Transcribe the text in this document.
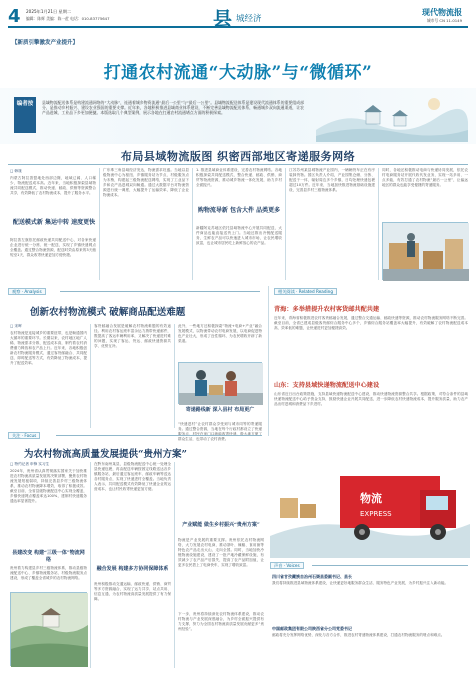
4 2025年1月21日 星期二
编辑：陈辉 美编：陈一荭 电话：010-83775647	县 城经济
现代物流报
城市号 CN 11-0149
【新质引擎激发产业提升】
打通农村流通“大动脉”与“微循环”
编者按	县域物流配送体系是构建流通网络的“大动脉”，连通着城乡物资流通“最后一公里”与“最后一公里”。县域物流配送体系是建设现代流通体系的重要组成部分，是推动乡村振兴、建设农业强国的重要支撑。近年来，各地积极推进县域商业体系建设，不断完善县域物流配送体系，畅通城乡双向流通渠道，让农产品进城、工业品下乡更加便捷。本版选取几个典型案例，展示各地在打通农村流通堵点方面的积极探索。
布局县域物流版图 织密西部地区寄递服务网络
□ 韩晟
内蒙古阿拉善盟地处西部边陲，地域辽阔、人口稀少，物流配送成本高。近年来，当地积极探索县域物流共同配送模式，推动快递、邮政、供销等资源整合共享，有效降低了农村物流成本，提升了服务水平。
配送模式新 集运中转 速度更快
阿拉善左旗依托邮政快递共同配送中心，对各家快递企业进行统一分拣、统一配送，实现了乡镇快递网点全覆盖。通过整合物流资源，配送时效由原来的3天缩短至1天，群众收寄快递更加方便快捷。
广东珠三角县域经济发达，物流需求旺盛。当地以县级物流中心为枢纽、乡镇服务站为节点、村级服务点为末梢，构建起三级物流配送网络，实现了工业品下乡和农产品进城双向畅通。通过大数据平台对物流资源进行统一调度，大幅提升了运输效率，降低了企业物流成本。
1. 推进县域商业体系建设，完善农村物流网络。各地积极探索共同配送模式，整合快递、邮政、供销、商贸等物流资源，推动城乡物流一体化发展，助力乡村全面振兴。
购物流导新 包含大件 品类更多
新疆阿克苏地区依托县域物流中心开展共同配送，大件商品也能直接送货上门。当地还推出冷链配送服务，生鲜农产品可以快速进入城市市场，让农民增收致富，也让城市居民吃上新鲜放心的农产品。
江苏苏州某县城物流产业园内，一辆辆货车正在有序装卸货物。园区负责人介绍，产业园集仓储、分拣、配送于一体，辐射周边多个乡镇，日均处理快递包裹超过10万件。近年来，当地加快推进物流基础设施建设，完善县乡村三级物流体系。
同时，各地还积极推动电商与快递协同发展，依托农村电商服务站开展代收代发业务，实现一站多用、一点多能，有效打通了农村物流“最后一公里”，让偏远地区的群众也能享受便捷的寄递服务。
观察 · Analysis
创新农村物流模式 破解商品配送难题
□ 宋晖
农村物流是连接城乡的重要纽带，也是畅通国内大循环的重要环节。长期以来，农村地区地广人稀、物流需求分散、配送成本高，制约着农村消费潜力释放和农产品上行。近年来，各地积极创新农村物流服务模式，通过客货邮融合、共同配送、即时配送等方式，有效降低了物流成本，提升了配送效率。
客货邮融合发展是破解农村物流难题的有效途径。利用农村客运班车富余运力捎带快递邮件，既提高了客运车辆利用率，又解决了快递进村难的问题，实现了客运、货运、邮政快递资源共享、优势互补。
此外，一些地方还积极探索“物流+电商+产业”融合发展模式，以物流带动农村电商发展，以电商促进特色产业壮大，形成了良性循环，为农民增收开辟了新渠道。
寄递路线新 深入县村 布局更广
“快递进村”让农村群众享受到与城市同等的寄递服务。通过整合资源，当地在每个行政村都设立了快递服务点，村民在家门口就能收寄快递，极大地方便了群众生活，也带动了农村消费。
相关阅读 · Related Reading
青海：多举措提升农村客货邮共配共建
近年来，青海省积极推进农村客货邮融合发展，通过整合交通运输、邮政快递等资源，推动农村物流服务网络不断完善。截至目前，全省已建成县级客货邮综合服务中心多个，乡镇综合服务站覆盖率大幅提升，有效破解了农村物流配送成本高、效率低的难题，让快递进村更加便捷高效。
山东：支持县域快递物流配送中心建设
山东省近日出台政策措施，支持县域快递物流配送中心建设，推动快递物流资源整合共享。根据政策，对符合条件的县域快递物流配送中心给予资金支持，鼓励快递企业开展共同配送，进一步降低农村快递物流成本，提升服务质量，助力农产品出村进城和消费品下乡进村。
关注 · Focus
为农村物流高质量发展提供“贵州方案”
□ 特约记者 申锋 实习生
2024年，贵州省认真贯彻落实国家关于加快推进农村物流高质量发展的决策部署，聚焦农村物流发展短板弱项，持续完善县乡村三级物流体系，推动农村物流降本增效，取得了积极成效。截至目前，全省县级物流配送中心实现全覆盖，乡镇快递网点覆盖率达100%，建制村快递服务通达率显著提升。
县建改变 构建“三级一体”物流网络
贵州着力构建县乡村三级物流体系，推动县级物流配送中心、乡镇物流服务站、村级物流服务点建设，形成了覆盖全省城乡的农村物流网络。
在黔东南州某县，县级物流配送中心统一处理全县快递包裹，再由配送车辆按固定线路送达各乡镇服务站，最后通过客运班车、邮政车辆等送达各村服务点，实现了快递进村全覆盖。当地负责人表示，共同配送模式有效降低了快递企业的运营成本，也让村民收寄快递更加方便。
融合发展 构建多方协同保障体系
贵州积极推动交通运输、邮政快递、供销、商贸等多方资源融合，实现了运力共享、站点共用、信息互通，为农村物流高质量发展提供了有力保障。
产业赋能 做生乡村振兴“贵州方案”
物流是产业发展的重要支撑。贵州依托农村物流网络，大力发展农村电商，推动茶叶、辣椒、食用菌等特色农产品走出大山、走向全国。同时，当地加快冷链物流设施建设，建设了一批产地冷藏保鲜设施，有效减少了农产品产后损失，提高了农产品附加值，让更多农民搭上了电商快车，实现了增收致富。
下一步，贵州将持续深化农村物流体系建设，推动农村物流与产业发展深度融合，为乡村全面振兴提供有力支撑，努力为全国农村物流高质量发展贡献更多“贵州经验”。
物流
EXPRESS
声音 · Voices
四川省甘孜藏族自治州石渠县委副书记、县长
我们将持续推进县域物流体系建设，让快递更好地服务群众生活、服务特色产业发展，为乡村振兴注入新动能。
中国邮政集团有限公司陕西省分公司党委书记
邮政将充分发挥网络优势，深化与各方合作，推进农村寄递物流体系建设，打通农村物流服务的堵点和难点。
